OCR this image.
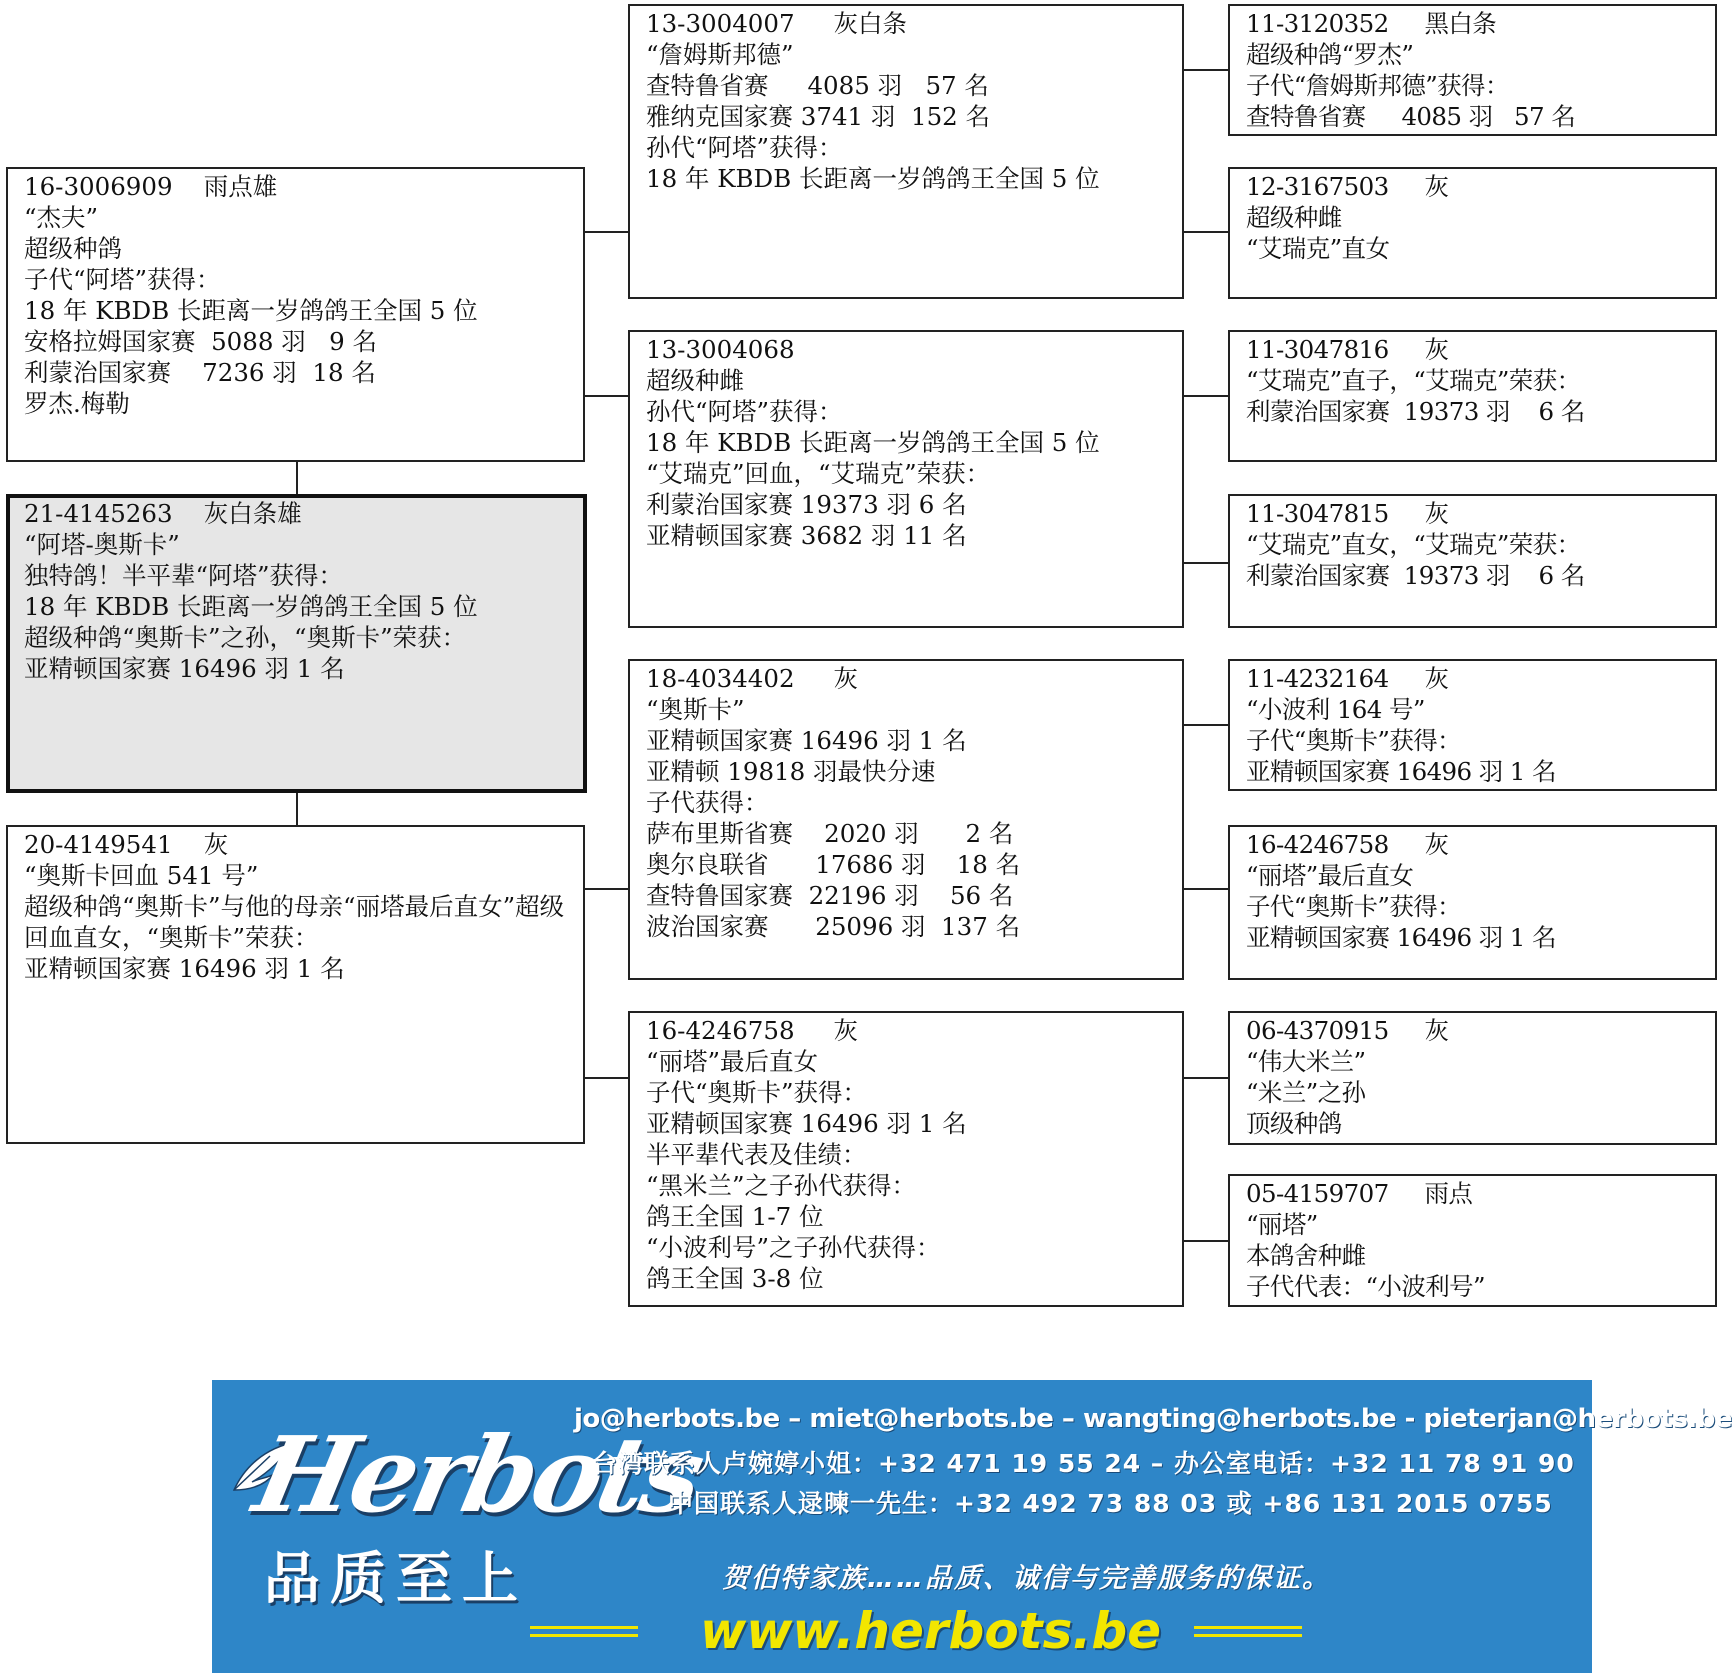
21-4145263    灰白条雄
“阿塔-奥斯卡”
独特鸽！半平辈“阿塔”获得：
18 年 KBDB 长距离一岁鸽鸽王全国 5 位
超级种鸽“奥斯卡”之孙，“奥斯卡”荣获：
亚精顿国家赛 16496 羽 1 名
16-3006909    雨点雄
“杰夫”
超级种鸽
子代“阿塔”获得：
18 年 KBDB 长距离一岁鸽鸽王全国 5 位
安格拉姆国家赛  5088 羽   9 名
利蒙治国家赛    7236 羽  18 名
罗杰.梅勒
20-4149541    灰
“奥斯卡回血 541 号”
超级种鸽“奥斯卡”与他的母亲“丽塔最后直女”超级回血直女，“奥斯卡”荣获：
亚精顿国家赛 16496 羽 1 名
13-3004007     灰白条
“詹姆斯邦德”
查特鲁省赛     4085 羽   57 名
雅纳克国家赛 3741 羽  152 名
孙代“阿塔”获得：
18 年 KBDB 长距离一岁鸽鸽王全国 5 位
13-3004068
超级种雌
孙代“阿塔”获得：
18 年 KBDB 长距离一岁鸽鸽王全国 5 位
“艾瑞克”回血，“艾瑞克”荣获：
利蒙治国家赛 19373 羽 6 名
亚精顿国家赛 3682 羽 11 名
18-4034402     灰
“奥斯卡”
亚精顿国家赛 16496 羽 1 名
亚精顿 19818 羽最快分速
子代获得：
萨布里斯省赛    2020 羽      2 名
奥尔良联省      17686 羽    18 名
查特鲁国家赛  22196 羽    56 名
波治国家赛      25096 羽  137 名
16-4246758     灰
“丽塔”最后直女
子代“奥斯卡”获得：
亚精顿国家赛 16496 羽 1 名
半平辈代表及佳绩：
“黑米兰”之子孙代获得：
鸽王全国 1-7 位
“小波利号”之子孙代获得：
鸽王全国 3-8 位
11-3120352     黑白条
超级种鸽“罗杰”
子代“詹姆斯邦德”获得：
查特鲁省赛     4085 羽   57 名
12-3167503     灰
超级种雌
“艾瑞克”直女
11-3047816     灰
“艾瑞克”直子，“艾瑞克”荣获：
利蒙治国家赛  19373 羽    6 名
11-3047815     灰
“艾瑞克”直女，“艾瑞克”荣获：
利蒙治国家赛  19373 羽    6 名
11-4232164     灰
“小波利 164 号”
子代“奥斯卡”获得：
亚精顿国家赛 16496 羽 1 名
16-4246758     灰
“丽塔”最后直女
子代“奥斯卡”获得：
亚精顿国家赛 16496 羽 1 名
06-4370915     灰
“伟大米兰”
“米兰”之孙
顶级种鸽
05-4159707     雨点
“丽塔”
本鸽舍种雌
子代代表：“小波利号”
Herbots
品质至上
jo@herbots.be – miet@herbots.be – wangting@herbots.be - pieterjan@herbots.be
台湾联系人卢婉婷小姐：+32 471 19 55 24 – 办公室电话：+32 11 78 91 90
中国联系人逯暕一先生：+32 492 73 88 03 或 +86 131 2015 0755
贺伯特家族……品质、诚信与完善服务的保证。
www.herbots.be
